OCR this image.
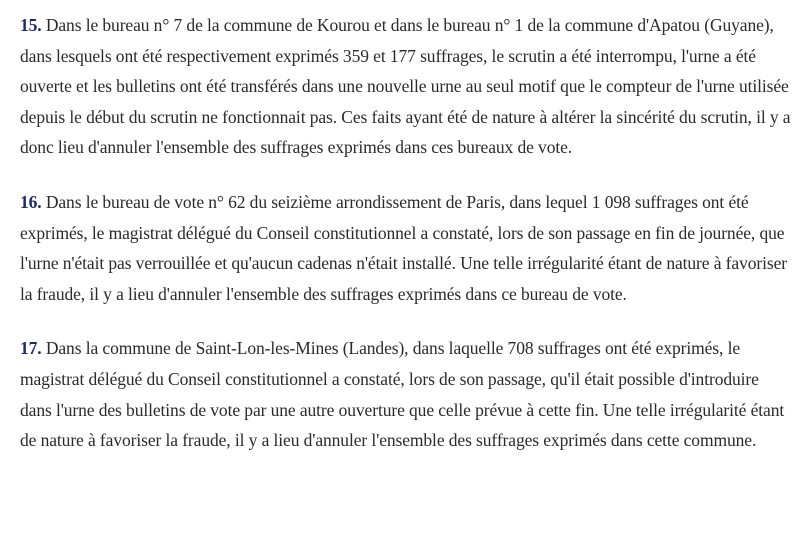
15. Dans le bureau n° 7 de la commune de Kourou et dans le bureau n° 1 de la commune d'Apatou (Guyane), dans lesquels ont été respectivement exprimés 359 et 177 suffrages, le scrutin a été interrompu, l'urne a été ouverte et les bulletins ont été transférés dans une nouvelle urne au seul motif que le compteur de l'urne utilisée depuis le début du scrutin ne fonctionnait pas. Ces faits ayant été de nature à altérer la sincérité du scrutin, il y a donc lieu d'annuler l'ensemble des suffrages exprimés dans ces bureaux de vote.

16. Dans le bureau de vote n° 62 du seizième arrondissement de Paris, dans lequel 1 098 suffrages ont été exprimés, le magistrat délégué du Conseil constitutionnel a constaté, lors de son passage en fin de journée, que l'urne n'était pas verrouillée et qu'aucun cadenas n'était installé. Une telle irrégularité étant de nature à favoriser la fraude, il y a lieu d'annuler l'ensemble des suffrages exprimés dans ce bureau de vote.

17. Dans la commune de Saint-Lon-les-Mines (Landes), dans laquelle 708 suffrages ont été exprimés, le magistrat délégué du Conseil constitutionnel a constaté, lors de son passage, qu'il était possible d'introduire dans l'urne des bulletins de vote par une autre ouverture que celle prévue à cette fin. Une telle irrégularité étant de nature à favoriser la fraude, il y a lieu d'annuler l'ensemble des suffrages exprimés dans cette commune.
